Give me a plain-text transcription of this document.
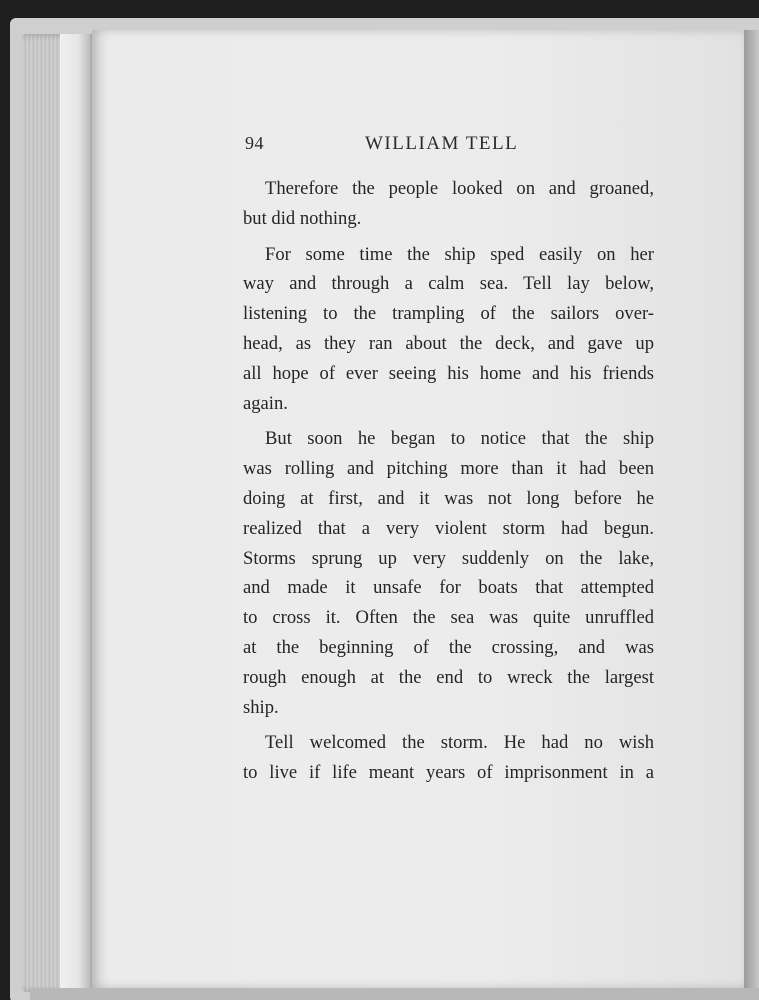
94	WILLIAM TELL

Therefore the people looked on and groaned,
but did nothing.

For some time the ship sped easily on her
way and through a calm sea. Tell lay below,
listening to the trampling of the sailors over-
head, as they ran about the deck, and gave up
all hope of ever seeing his home and his friends
again.

But soon he began to notice that the ship
was rolling and pitching more than it had been
doing at first, and it was not long before he
realized that a very violent storm had begun.
Storms sprung up very suddenly on the lake,
and made it unsafe for boats that attempted
to cross it. Often the sea was quite unruffled
at the beginning of the crossing, and was
rough enough at the end to wreck the largest
ship.

Tell welcomed the storm. He had no wish
to live if life meant years of imprisonment in a
